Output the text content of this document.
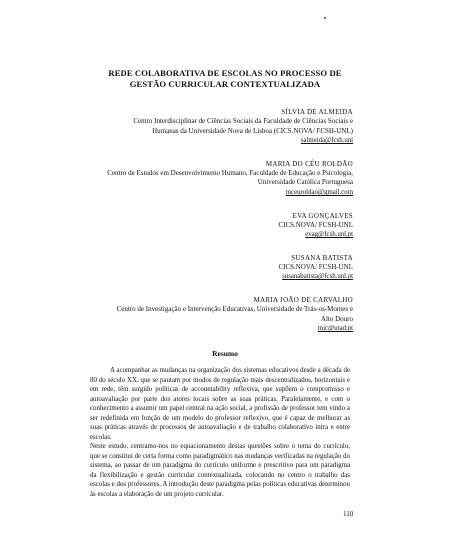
REDE COLABORATIVA DE ESCOLAS NO PROCESSO DE
GESTÃO CURRICULAR CONTEXTUALIZADA
SÍLVIA DE ALMEIDA
Centro Interdisciplinar de Ciências Sociais da Faculdade de Ciências Sociais e
Humanas da Universidade Nova de Lisboa (CICS.NOVA/ FCSH-UNL)
salmeida@fcsh.unl
MARIA DO CÉU ROLDÃO
Centro de Estudos em Desenvolvimento Humano, Faculdade de Educação e Psicologia,
Universidade Católica Portuguesa
mceuroldao@gmail.com
EVA GONÇALVES
CICS.NOVA/ FCSH-UNL
evag@fcsh.unl.pt
SUSANA BATISTA
CICS.NOVA/ FCSH-UNL
susanabatista@fcsh.unl.pt
MARIA JOÃO DE CARVALHO
Centro de Investigação e Intervenção Educativas, Universidade de Trás-os-Montes e
Alto Douro
mjc@utad.pt
Resumo

A acompanhar as mudanças na organização dos sistemas educativos desde a década de 80 do século XX, que se pautam por modos de regulação mais descentralizados, horizontais e em rede, têm surgido políticas de accountability reflexiva, que supõem o compromisso e autoavaliação por parte dos atores locais sobre as suas práticas. Paralelamente, e com o conhecimento a assumir um papel central na ação social, a profissão de professor tem vindo a ser redefinida em função de um modelo do professor reflexivo, que é capaz de melhorar as suas práticas através de processos de autoavaliação e de trabalho colaborativo intra e entre escolas.

Neste estudo, centramo-nos no equacionamento destas questões sobre o tema do currículo, que se constitui de certa forma como paradigmático nas mudanças verificadas na regulação do sistema, ao passar de um paradigma do currículo uniforme e prescritivo para um paradigma da flexibilização e gestão curricular contextualizada, colocando no centro o trabalho das escolas e dos professores. A introdução deste paradigma pelas políticas educativas determinou às escolas a elaboração de um projeto curricular.

110
